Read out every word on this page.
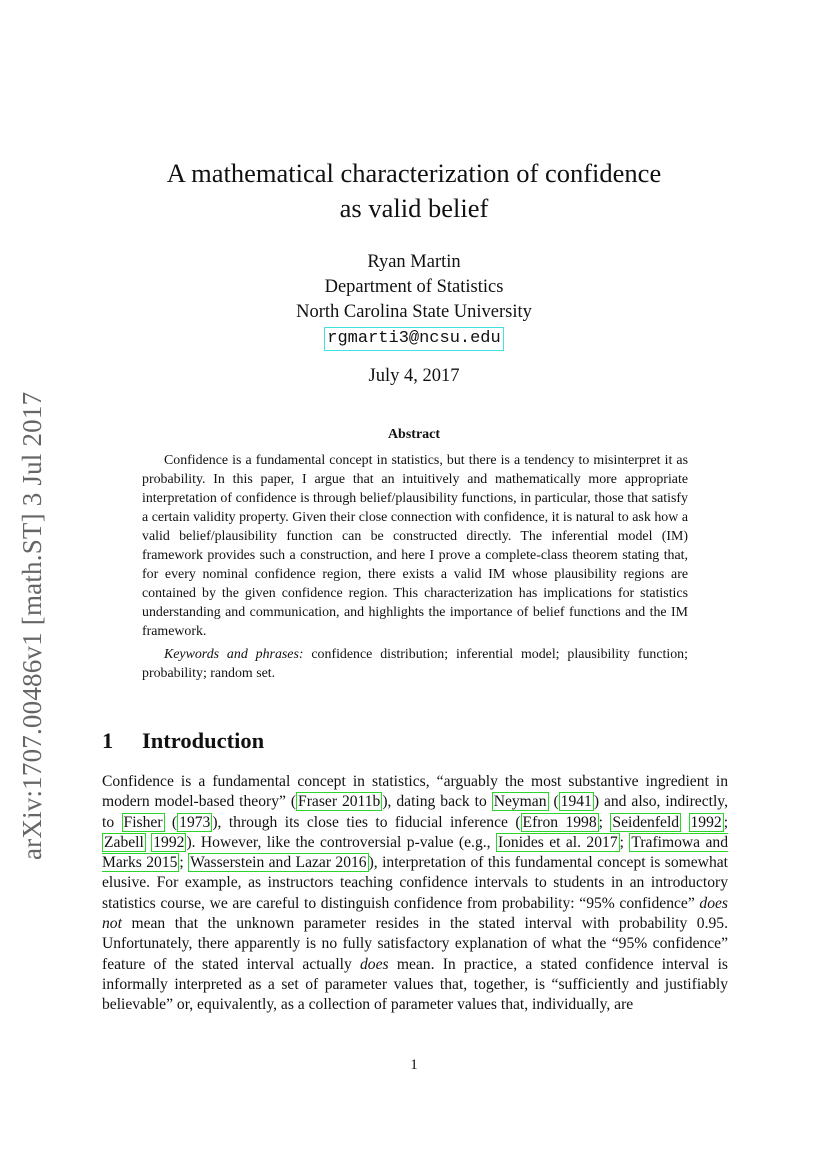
arXiv:1707.00486v1 [math.ST] 3 Jul 2017
A mathematical characterization of confidence
as valid belief
Ryan Martin
Department of Statistics
North Carolina State University
rgmarti3@ncsu.edu
July 4, 2017
Abstract

Confidence is a fundamental concept in statistics, but there is a tendency to misinterpret it as probability. In this paper, I argue that an intuitively and mathematically more appropriate interpretation of confidence is through belief/plausibility functions, in particular, those that satisfy a certain validity property. Given their close connection with confidence, it is natural to ask how a valid belief/plausibility function can be constructed directly. The inferential model (IM) framework provides such a construction, and here I prove a complete-class theorem stating that, for every nominal confidence region, there exists a valid IM whose plausibility regions are contained by the given confidence region. This characterization has implications for statistics understanding and communication, and highlights the importance of belief functions and the IM framework.

Keywords and phrases: confidence distribution; inferential model; plausibility function; probability; random set.

1 Introduction

Confidence is a fundamental concept in statistics, “arguably the most substantive ingredient in modern model-based theory” ( Fraser 2011b ), dating back to Neyman ( 1941 ) and also, indirectly, to Fisher ( 1973 ), through its close ties to fiducial inference ( Efron 1998 ; Seidenfeld 1992 ; Zabell 1992 ). However, like the controversial p-value (e.g., Ionides et al. 2017 ; Trafimowa and Marks 2015 ; Wasserstein and Lazar 2016 ), interpretation of this fundamental concept is somewhat elusive. For example, as instructors teaching confidence intervals to students in an introductory statistics course, we are careful to distinguish confidence from probability: “95% confidence” does not mean that the unknown parameter resides in the stated interval with probability 0.95. Unfortunately, there apparently is no fully satisfactory explanation of what the “95% confidence” feature of the stated interval actually does mean. In practice, a stated confidence interval is informally interpreted as a set of parameter values that, together, is “sufficiently and justifiably believable” or, equivalently, as a collection of parameter values that, individually, are

1
